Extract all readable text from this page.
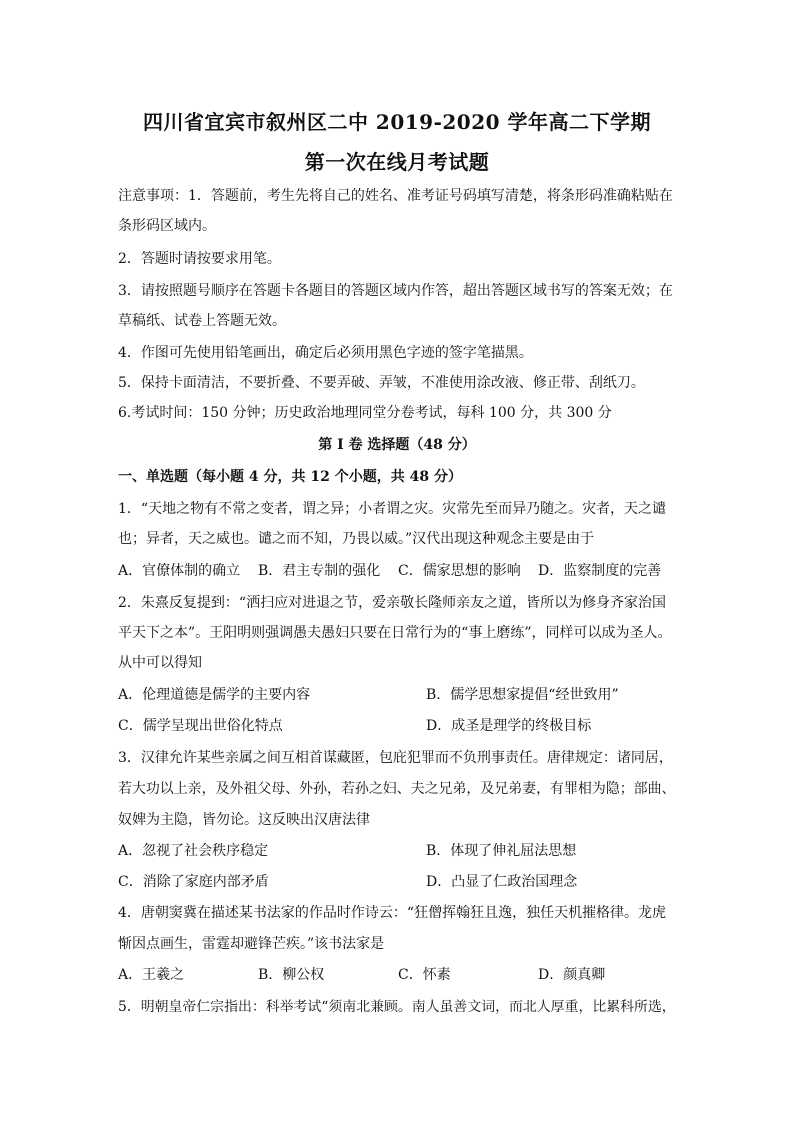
四川省宜宾市叙州区二中 2019-2020 学年高二下学期
第一次在线月考试题
注意事项：1．答题前，考生先将自己的姓名、准考证号码填写清楚，将条形码准确粘贴在
条形码区域内。
2．答题时请按要求用笔。
3．请按照题号顺序在答题卡各题目的答题区域内作答，超出答题区域书写的答案无效；在
草稿纸、试卷上答题无效。
4．作图可先使用铅笔画出，确定后必须用黑色字迹的签字笔描黑。
5．保持卡面清洁，不要折叠、不要弄破、弄皱，不准使用涂改液、修正带、刮纸刀。
6.考试时间：150 分钟；历史政治地理同堂分卷考试，每科 100 分，共 300 分
第 I 卷 选择题（48 分）
一、单选题（每小题 4 分，共 12 个小题，共 48 分）
1．“天地之物有不常之变者，谓之异；小者谓之灾。灾常先至而异乃随之。灾者，天之谴
也；异者，天之威也。谴之而不知，乃畏以威。”汉代出现这种观念主要是由于
A．官僚体制的确立 B．君主专制的强化 C．儒家思想的影响 D．监察制度的完善
2．朱熹反复提到：“洒扫应对进退之节，爱亲敬长隆师亲友之道，皆所以为修身齐家治国
平天下之本”。王阳明则强调愚夫愚妇只要在日常行为的“事上磨练”，同样可以成为圣人。
从中可以得知
A．伦理道德是儒学的主要内容	B．儒学思想家提倡“经世致用”
C．儒学呈现出世俗化特点	D．成圣是理学的终极目标
3．汉律允许某些亲属之间互相首谋藏匿，包庇犯罪而不负刑事责任。唐律规定：诸同居，
若大功以上亲，及外祖父母、外孙，若孙之妇、夫之兄弟，及兄弟妻，有罪相为隐；部曲、
奴婢为主隐，皆勿论。这反映出汉唐法律
A．忽视了社会秩序稳定	B．体现了伸礼屈法思想
C．消除了家庭内部矛盾	D．凸显了仁政治国理念
4．唐朝窦冀在描述某书法家的作品时作诗云：“狂僧挥翰狂且逸，独任天机摧格律。龙虎
惭因点画生，雷霆却避锋芒疾。”该书法家是
A．王羲之	B．柳公权	C．怀素	D．颜真卿
5．明朝皇帝仁宗指出：科举考试“须南北兼顾。南人虽善文词，而北人厚重，比累科所选，
